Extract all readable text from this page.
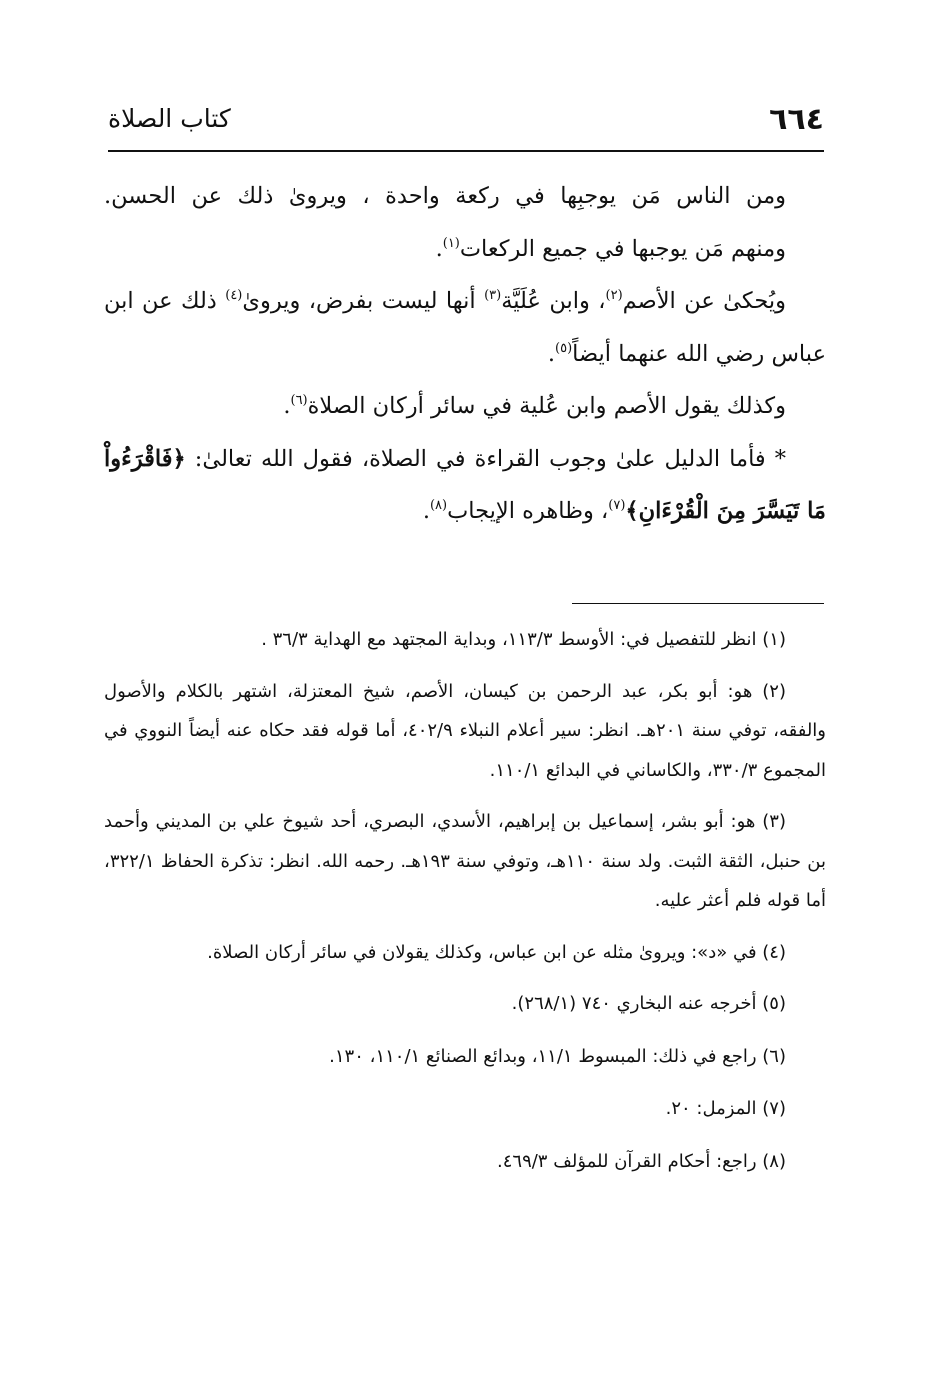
٦٦٤
كتاب الصلاة

ومن الناس مَن يوجبِها في ركعة واحدة ، ويرویٰ ذلك عن الحسن.

ومنهم مَن يوجبها في جميع الركعات$^{(١)}$.

ويُحكىٰ عن الأصم$^{(٢)}$، وابن عُلَيَّة$^{(٣)}$ أنها ليست بفرض، ويروىٰ$^{(٤)}$ ذلك عن ابن عباس رضي الله عنهما أيضاً$^{(٥)}$.

وكذلك يقول الأصم وابن عُلية في سائر أركان الصلاة$^{(٦)}$.

* فأما الدليل علىٰ وجوب القراءة في الصلاة، فقول الله تعالىٰ: ﴿فَاقْرَءُواْ مَا تَيَسَّرَ مِنَ الْقُرْءَانِ﴾$^{(٧)}$، وظاهره الإيجاب$^{(٨)}$.

(١) انظر للتفصيل في: الأوسط ١١٣/٣، وبداية المجتهد مع الهداية ٣٦/٣ .

(٢) هو: أبو بكر، عبد الرحمن بن كيسان، الأصم، شيخ المعتزلة، اشتهر بالكلام والأصول والفقه، توفي سنة ٢٠١هـ. انظر: سير أعلام النبلاء ٤٠٢/٩، أما قوله فقد حكاه عنه أيضاً النووي في المجموع ٣٣٠/٣، والكاساني في البدائع ١١٠/١.

(٣) هو: أبو بشر، إسماعيل بن إبراهيم، الأسدي، البصري، أحد شيوخ علي بن المديني وأحمد بن حنبل، الثقة الثبت. ولد سنة ١١٠هـ، وتوفي سنة ١٩٣هـ. رحمه الله. انظر: تذكرة الحفاظ ٣٢٢/١، أما قوله فلم أعثر عليه.

(٤) في «د»: ويرویٰ مثله عن ابن عباس، وكذلك يقولان في سائر أركان الصلاة.

(٥) أخرجه عنه البخاري ٧٤٠ (٢٦٨/١).

(٦) راجع في ذلك: المبسوط ١١/١، وبدائع الصنائع ١١٠/١، ١٣٠.

(٧) المزمل: ٢٠.

(٨) راجع: أحكام القرآن للمؤلف ٤٦٩/٣.
